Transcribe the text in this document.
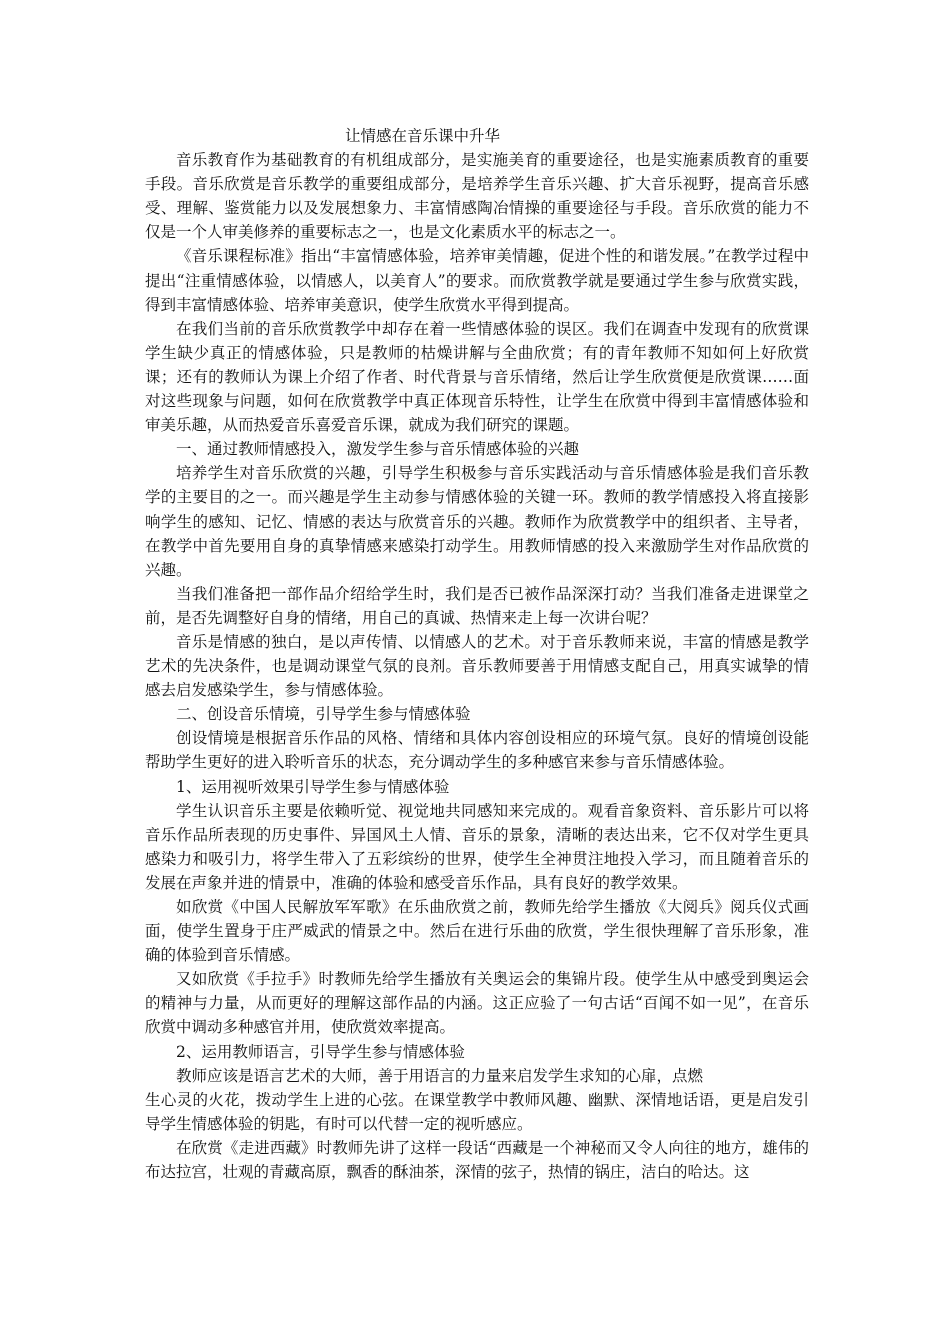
让情感在音乐课中升华

音乐教育作为基础教育的有机组成部分，是实施美育的重要途径，也是实施素质教育的重要手段。音乐欣赏是音乐教学的重要组成部分，是培养学生音乐兴趣、扩大音乐视野，提高音乐感受、理解、鉴赏能力以及发展想象力、丰富情感陶冶情操的重要途径与手段。音乐欣赏的能力不仅是一个人审美修养的重要标志之一，也是文化素质水平的标志之一。

《音乐课程标准》指出“丰富情感体验，培养审美情趣，促进个性的和谐发展。”在教学过程中提出“注重情感体验，以情感人，以美育人”的要求。而欣赏教学就是要通过学生参与欣赏实践，得到丰富情感体验、培养审美意识，使学生欣赏水平得到提高。

在我们当前的音乐欣赏教学中却存在着一些情感体验的误区。我们在调查中发现有的欣赏课学生缺少真正的情感体验，只是教师的枯燥讲解与全曲欣赏；有的青年教师不知如何上好欣赏课；还有的教师认为课上介绍了作者、时代背景与音乐情绪，然后让学生欣赏便是欣赏课……面对这些现象与问题，如何在欣赏教学中真正体现音乐特性，让学生在欣赏中得到丰富情感体验和审美乐趣，从而热爱音乐喜爱音乐课，就成为我们研究的课题。

一、通过教师情感投入，激发学生参与音乐情感体验的兴趣

培养学生对音乐欣赏的兴趣，引导学生积极参与音乐实践活动与音乐情感体验是我们音乐教学的主要目的之一。而兴趣是学生主动参与情感体验的关键一环。教师的教学情感投入将直接影响学生的感知、记忆、情感的表达与欣赏音乐的兴趣。教师作为欣赏教学中的组织者、主导者，在教学中首先要用自身的真挚情感来感染打动学生。用教师情感的投入来激励学生对作品欣赏的兴趣。

当我们准备把一部作品介绍给学生时，我们是否已被作品深深打动？当我们准备走进课堂之前，是否先调整好自身的情绪，用自己的真诚、热情来走上每一次讲台呢？

音乐是情感的独白，是以声传情、以情感人的艺术。对于音乐教师来说，丰富的情感是教学艺术的先决条件，也是调动课堂气氛的良剂。音乐教师要善于用情感支配自己，用真实诚挚的情感去启发感染学生，参与情感体验。

二、创设音乐情境，引导学生参与情感体验

创设情境是根据音乐作品的风格、情绪和具体内容创设相应的环境气氛。良好的情境创设能帮助学生更好的进入聆听音乐的状态，充分调动学生的多种感官来参与音乐情感体验。

1、运用视听效果引导学生参与情感体验

学生认识音乐主要是依赖听觉、视觉地共同感知来完成的。观看音象资料、音乐影片可以将音乐作品所表现的历史事件、异国风土人情、音乐的景象，清晰的表达出来，它不仅对学生更具感染力和吸引力，将学生带入了五彩缤纷的世界，使学生全神贯注地投入学习，而且随着音乐的发展在声象并进的情景中，准确的体验和感受音乐作品，具有良好的教学效果。

如欣赏《中国人民解放军军歌》在乐曲欣赏之前，教师先给学生播放《大阅兵》阅兵仪式画面，使学生置身于庄严威武的情景之中。然后在进行乐曲的欣赏，学生很快理解了音乐形象，准确的体验到音乐情感。

又如欣赏《手拉手》时教师先给学生播放有关奥运会的集锦片段。使学生从中感受到奥运会的精神与力量，从而更好的理解这部作品的内涵。这正应验了一句古话“百闻不如一见”，在音乐欣赏中调动多种感官并用，使欣赏效率提高。

2、运用教师语言，引导学生参与情感体验

教师应该是语言艺术的大师，善于用语言的力量来启发学生求知的心扉，点燃

生心灵的火花，拨动学生上进的心弦。在课堂教学中教师风趣、幽默、深情地话语，更是启发引导学生情感体验的钥匙，有时可以代替一定的视听感应。

在欣赏《走进西藏》时教师先讲了这样一段话“西藏是一个神秘而又令人向往的地方，雄伟的布达拉宫，壮观的青藏高原，飘香的酥油茶，深情的弦子，热情的锅庄，洁白的哈达。这
